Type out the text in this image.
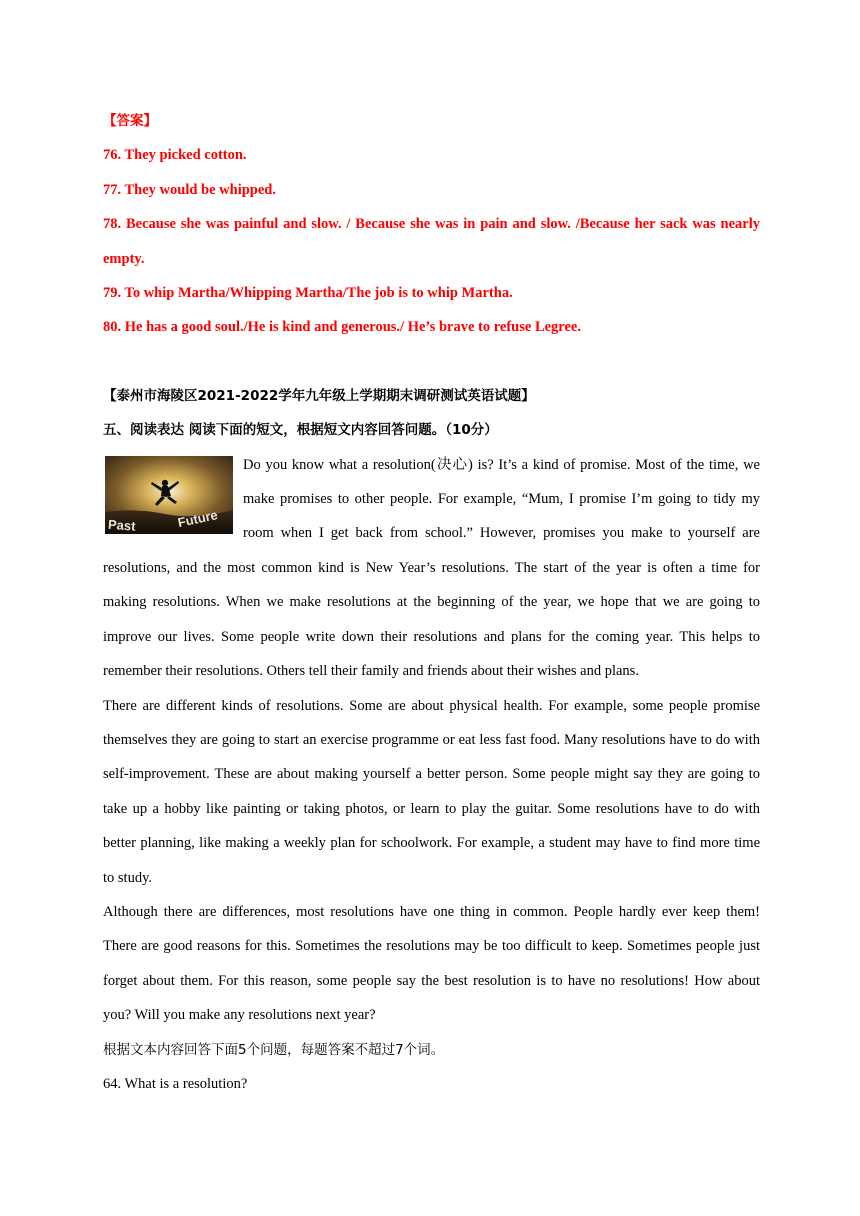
【答案】

76. They picked cotton.

77. They would be whipped.

78. Because she was painful and slow. / Because she was in pain and slow. /Because her sack was nearly empty.

79. To whip Martha/Whipping Martha/The job is to whip Martha.

80. He has a good soul./He is kind and generous./ He’s brave to refuse Legree.

【泰州市海陵区2021-2022学年九年级上学期期末调研测试英语试题】

五、阅读表达 阅读下面的短文，根据短文内容回答问题。（10分）

Past	Future

Do you know what a resolution(决心) is? It’s a kind of promise. Most of the time, we make promises to other people. For example, “Mum, I promise I’m going to tidy my room when I get back from school.” However, promises you make to yourself are resolutions, and the most common kind is New Year’s resolutions. The start of the year is often a time for making resolutions. When we make resolutions at the beginning of the year, we hope that we are going to improve our lives. Some people write down their resolutions and plans for the coming year. This helps to remember their resolutions. Others tell their family and friends about their wishes and plans.

There are different kinds of resolutions. Some are about physical health. For example, some people promise themselves they are going to start an exercise programme or eat less fast food. Many resolutions have to do with self-improvement. These are about making yourself a better person. Some people might say they are going to take up a hobby like painting or taking photos, or learn to play the guitar. Some resolutions have to do with better planning, like making a weekly plan for schoolwork. For example, a student may have to find more time to study.

Although there are differences, most resolutions have one thing in common. People hardly ever keep them! There are good reasons for this. Sometimes the resolutions may be too difficult to keep. Sometimes people just forget about them. For this reason, some people say the best resolution is to have no resolutions! How about you? Will you make any resolutions next year?

根据文本内容回答下面5个问题，每题答案不超过7个词。

64. What is a resolution?
